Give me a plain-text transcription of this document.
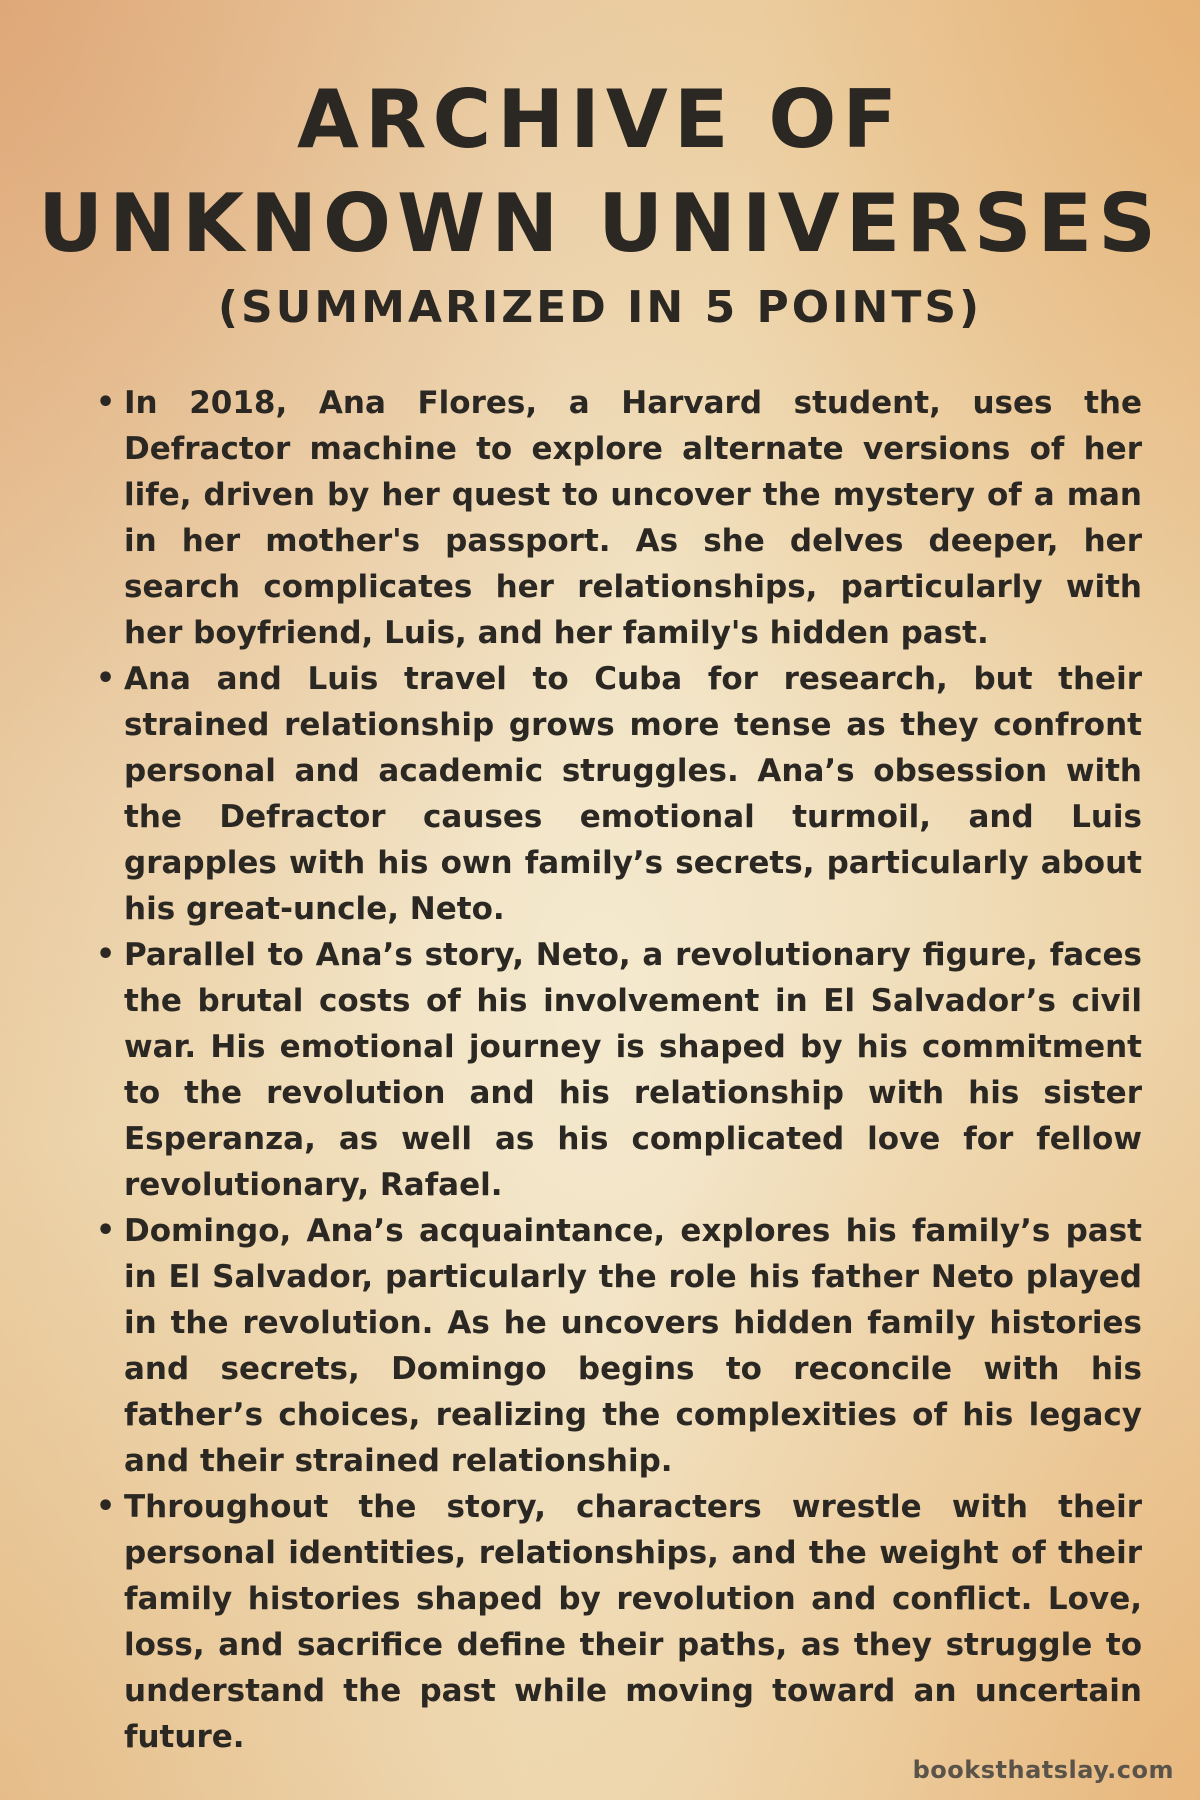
ARCHIVE OF
UNKNOWN UNIVERSES
(SUMMARIZED IN 5 POINTS)
• In 2018, Ana Flores, a Harvard student, uses the Defractor machine to explore alternate versions of her life, driven by her quest to uncover the mystery of a man in her mother's passport. As she delves deeper, her search complicates her relationships, particularly with her boyfriend, Luis, and her family's hidden past.
• Ana and Luis travel to Cuba for research, but their strained relationship grows more tense as they confront personal and academic struggles. Ana’s obsession with the Defractor causes emotional turmoil, and Luis grapples with his own family’s secrets, particularly about his great-uncle, Neto.
• Parallel to Ana’s story, Neto, a revolutionary figure, faces the brutal costs of his involvement in El Salvador’s civil war. His emotional journey is shaped by his commitment to the revolution and his relationship with his sister Esperanza, as well as his complicated love for fellow revolutionary, Rafael.
• Domingo, Ana’s acquaintance, explores his family’s past in El Salvador, particularly the role his father Neto played in the revolution. As he uncovers hidden family histories and secrets, Domingo begins to reconcile with his father’s choices, realizing the complexities of his legacy and their strained relationship.
• Throughout the story, characters wrestle with their personal identities, relationships, and the weight of their family histories shaped by revolution and conflict. Love, loss, and sacrifice define their paths, as they struggle to understand the past while moving toward an uncertain future.
booksthatslay.com
